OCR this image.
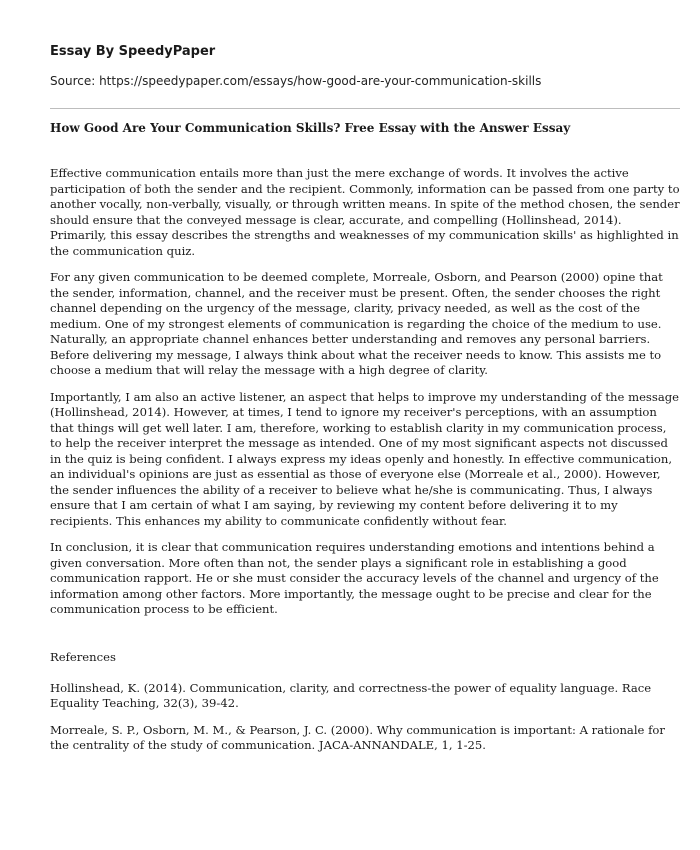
Essay By SpeedyPaper
Source: https://speedypaper.com/essays/how-good-are-your-communication-skills
How Good Are Your Communication Skills? Free Essay with the Answer Essay

Effective communication entails more than just the mere exchange of words. It involves the active participation of both the sender and the recipient. Commonly, information can be passed from one party to another vocally, non-verbally, visually, or through written means. In spite of the method chosen, the sender should ensure that the conveyed message is clear, accurate, and compelling (Hollinshead, 2014). Primarily, this essay describes the strengths and weaknesses of my communication skills' as highlighted in the communication quiz.

For any given communication to be deemed complete, Morreale, Osborn, and Pearson (2000) opine that the sender, information, channel, and the receiver must be present. Often, the sender chooses the right channel depending on the urgency of the message, clarity, privacy needed, as well as the cost of the medium. One of my strongest elements of communication is regarding the choice of the medium to use. Naturally, an appropriate channel enhances better understanding and removes any personal barriers. Before delivering my message, I always think about what the receiver needs to know. This assists me to choose a medium that will relay the message with a high degree of clarity.

Importantly, I am also an active listener, an aspect that helps to improve my understanding of the message (Hollinshead, 2014). However, at times, I tend to ignore my receiver's perceptions, with an assumption that things will get well later. I am, therefore, working to establish clarity in my communication process, to help the receiver interpret the message as intended. One of my most significant aspects not discussed in the quiz is being confident. I always express my ideas openly and honestly. In effective communication, an individual's opinions are just as essential as those of everyone else (Morreale et al., 2000). However, the sender influences the ability of a receiver to believe what he/she is communicating. Thus, I always ensure that I am certain of what I am saying, by reviewing my content before delivering it to my recipients. This enhances my ability to communicate confidently without fear.

In conclusion, it is clear that communication requires understanding emotions and intentions behind a given conversation. More often than not, the sender plays a significant role in establishing a good communication rapport. He or she must consider the accuracy levels of the channel and urgency of the information among other factors. More importantly, the message ought to be precise and clear for the communication process to be efficient.

References

Hollinshead, K. (2014). Communication, clarity, and correctness-the power of equality language. Race Equality Teaching, 32(3), 39-42.

Morreale, S. P., Osborn, M. M., & Pearson, J. C. (2000). Why communication is important: A rationale for the centrality of the study of communication. JACA-ANNANDALE, 1, 1-25.
